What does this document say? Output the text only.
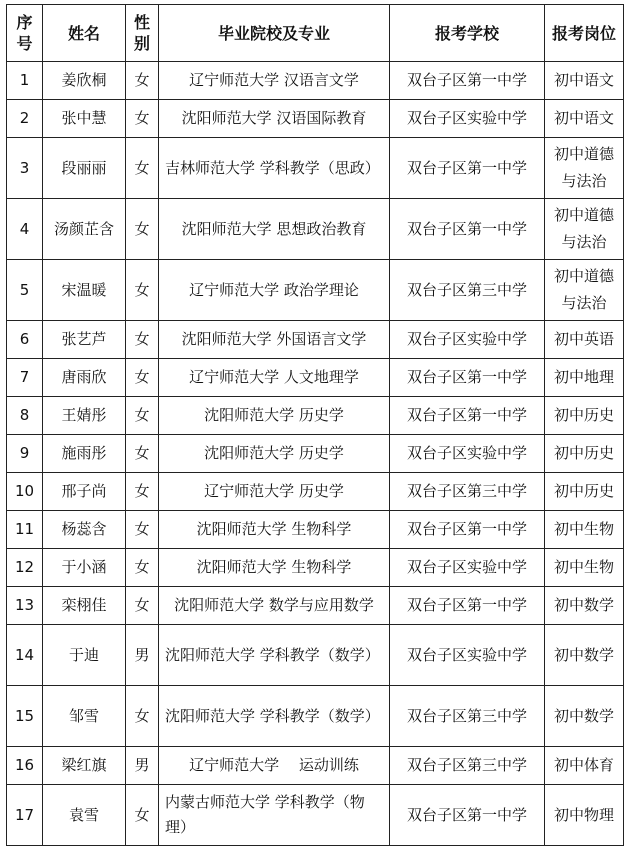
序号	姓名	性别	毕业院校及专业	报考学校	报考岗位
1	姜欣桐	女	辽宁师范大学 汉语言文学	双台子区第一中学	初中语文
2	张中慧	女	沈阳师范大学 汉语国际教育	双台子区实验中学	初中语文
3	段丽丽	女	吉林师范大学 学科教学（思政）	双台子区第一中学	初中道德与法治
4	汤颜芷含	女	沈阳师范大学 思想政治教育	双台子区第一中学	初中道德与法治
5	宋温暖	女	辽宁师范大学 政治学理论	双台子区第三中学	初中道德与法治
6	张艺芦	女	沈阳师范大学 外国语言文学	双台子区实验中学	初中英语
7	唐雨欣	女	辽宁师范大学 人文地理学	双台子区第一中学	初中地理
8	王婧彤	女	沈阳师范大学 历史学	双台子区第一中学	初中历史
9	施雨彤	女	沈阳师范大学 历史学	双台子区实验中学	初中历史
10	邢子尚	女	辽宁师范大学 历史学	双台子区第三中学	初中历史
11	杨蕊含	女	沈阳师范大学 生物科学	双台子区第一中学	初中生物
12	于小涵	女	沈阳师范大学 生物科学	双台子区实验中学	初中生物
13	栾栩佳	女	沈阳师范大学 数学与应用数学	双台子区第一中学	初中数学
14	于迪	男	沈阳师范大学 学科教学（数学）	双台子区实验中学	初中数学
15	邹雪	女	沈阳师范大学 学科教学（数学）	双台子区第三中学	初中数学
16	梁红旗	男	辽宁师范大学 　运动训练	双台子区第三中学	初中体育
17	袁雪	女	内蒙古师范大学 学科教学（物理）	双台子区第一中学	初中物理
